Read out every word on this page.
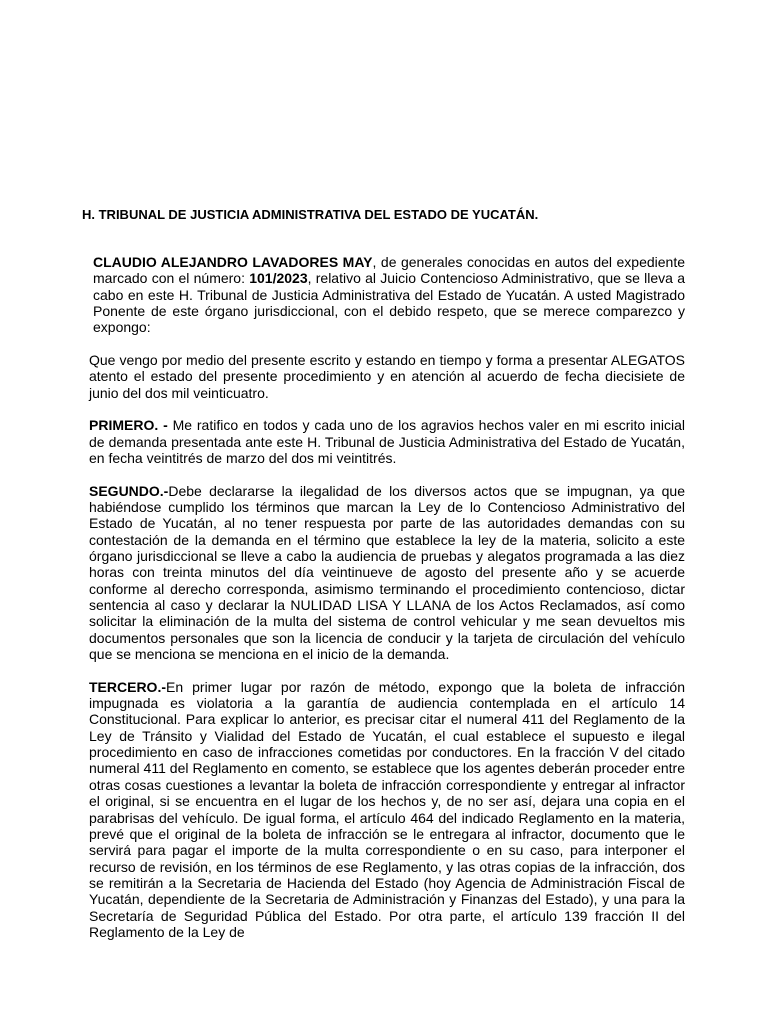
H. TRIBUNAL DE JUSTICIA ADMINISTRATIVA DEL ESTADO DE YUCATÁN.

CLAUDIO ALEJANDRO LAVADORES MAY, de generales conocidas en autos del expediente marcado con el número: 101/2023, relativo al Juicio Contencioso Administrativo, que se lleva a cabo en este H. Tribunal de Justicia Administrativa del Estado de Yucatán. A usted Magistrado Ponente de este órgano jurisdiccional, con el debido respeto, que se merece comparezco y expongo:

Que vengo por medio del presente escrito y estando en tiempo y forma a presentar ALEGATOS atento el estado del presente procedimiento y en atención al acuerdo de fecha diecisiete de junio del dos mil veinticuatro.

PRIMERO. - Me ratifico en todos y cada uno de los agravios hechos valer en mi escrito inicial de demanda presentada ante este H. Tribunal de Justicia Administrativa del Estado de Yucatán, en fecha veintitrés de marzo del dos mi veintitrés.

SEGUNDO.-Debe declararse la ilegalidad de los diversos actos que se impugnan, ya que habiéndose cumplido los términos que marcan la Ley de lo Contencioso Administrativo del Estado de Yucatán, al no tener respuesta por parte de las autoridades demandas con su contestación de la demanda en el término que establece la ley de la materia, solicito a este órgano jurisdiccional se lleve a cabo la audiencia de pruebas y alegatos programada a las diez horas con treinta minutos del día veintinueve de agosto del presente año y se acuerde conforme al derecho corresponda, asimismo terminando el procedimiento contencioso, dictar sentencia al caso y declarar la NULIDAD LISA Y LLANA de los Actos Reclamados, así como solicitar la eliminación de la multa del sistema de control vehicular y me sean devueltos mis documentos personales que son la licencia de conducir y la tarjeta de circulación del vehículo que se menciona se menciona en el inicio de la demanda.

TERCERO.-En primer lugar por razón de método, expongo que la boleta de infracción impugnada es violatoria a la garantía de audiencia contemplada en el artículo 14 Constitucional. Para explicar lo anterior, es precisar citar el numeral 411 del Reglamento de la Ley de Tránsito y Vialidad del Estado de Yucatán, el cual establece el supuesto e ilegal procedimiento en caso de infracciones cometidas por conductores. En la fracción V del citado numeral 411 del Reglamento en comento, se establece que los agentes deberán proceder entre otras cosas cuestiones a levantar la boleta de infracción correspondiente y entregar al infractor el original, si se encuentra en el lugar de los hechos y, de no ser así, dejara una copia en el parabrisas del vehículo. De igual forma, el artículo 464 del indicado Reglamento en la materia, prevé que el original de la boleta de infracción se le entregara al infractor, documento que le servirá para pagar el importe de la multa correspondiente o en su caso, para interponer el recurso de revisión, en los términos de ese Reglamento, y las otras copias de la infracción, dos se remitirán a la Secretaria de Hacienda del Estado (hoy Agencia de Administración Fiscal de Yucatán, dependiente de la Secretaria de Administración y Finanzas del Estado), y una para la Secretaría de Seguridad Pública del Estado. Por otra parte, el artículo 139 fracción II del Reglamento de la Ley de
